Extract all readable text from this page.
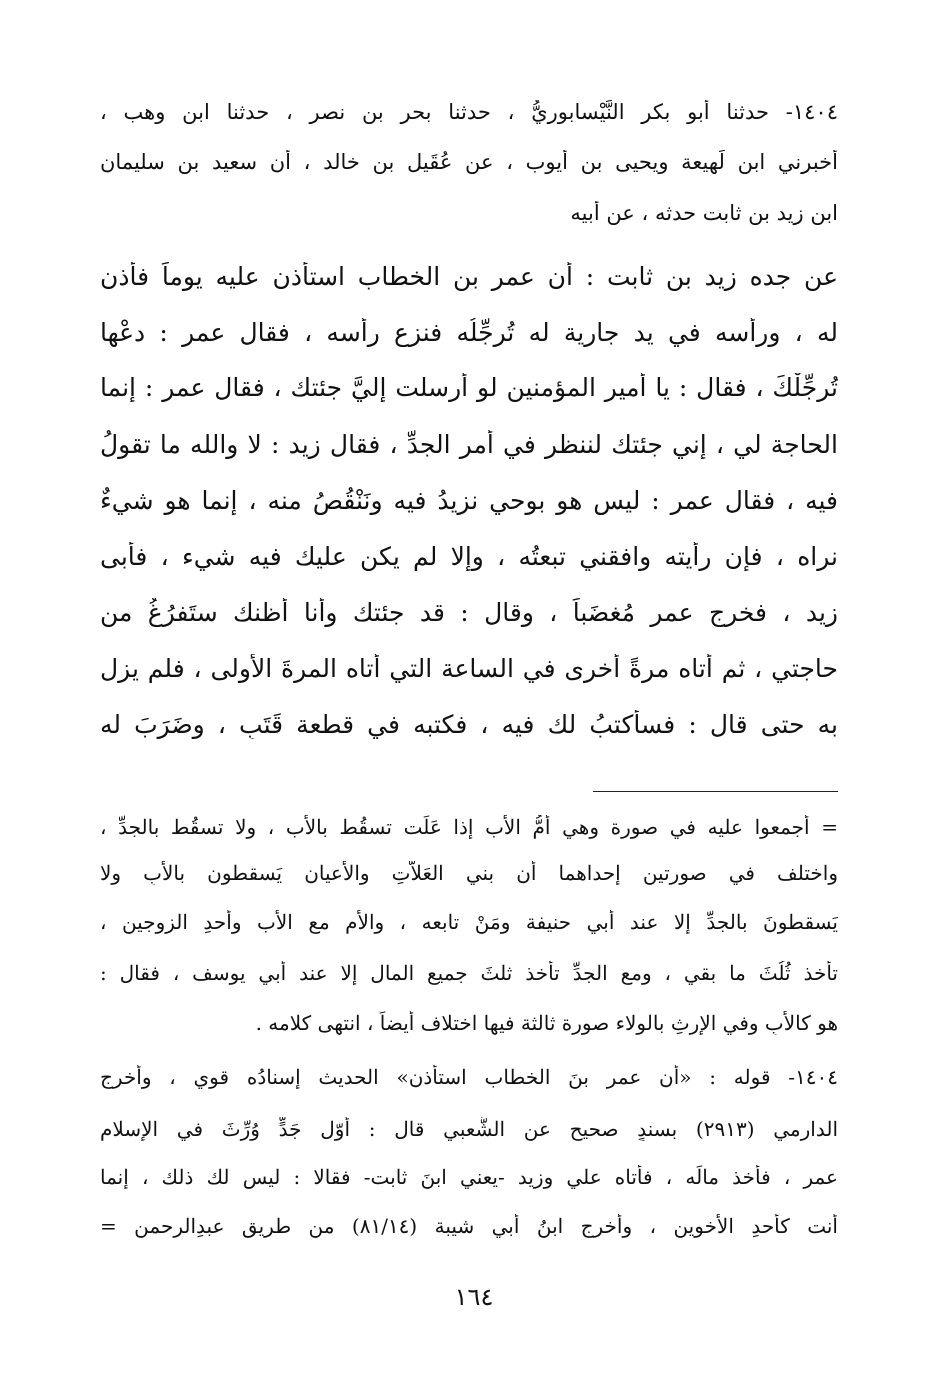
١٤٠٤- حدثنا أبو بكر النَّيْسابوريُّ ، حدثنا بحر بن نصر ، حدثنا ابن وهب ،
أخبرني ابن لَهيعة ويحيى بن أيوب ، عن عُقَيل بن خالد ، أن سعيد بن سليمان
ابن زيد بن ثابت حدثه ، عن أبيه
عن جده زيد بن ثابت : أن عمر بن الخطاب استأذن عليه يوماً فأذن
له ، ورأسه في يد جارية له تُرجِّلُه فنزع رأسه ، فقال عمر : دعْها
تُرجِّلْكَ ، فقال : يا أمير المؤمنين لو أرسلت إليَّ جئتك ، فقال عمر : إنما
الحاجة لي ، إني جئتك لننظر في أمر الجدِّ ، فقال زيد : لا والله ما تقولُ
فيه ، فقال عمر : ليس هو بوحي نزيدُ فيه ونَنْقُصُ منه ، إنما هو شيءٌ
نراه ، فإن رأيته وافقني تبعتُه ، وإلا لم يكن عليك فيه شيء ، فأبى
زيد ، فخرج عمر مُغضَباً ، وقال : قد جئتك وأنا أظنك ستَفرُغُ من
حاجتي ، ثم أتاه مرةً أُخرى في الساعة التي أتاه المرةَ الأولى ، فلم يزل
به حتى قال : فسأكتبُ لك فيه ، فكتبه في قطعة قَتَبٍ ، وضَرَبَ له
= أجمعوا عليه في صورة وهي أمُّ الأب إذا عَلَت تسقُط بالأب ، ولا تسقُط بالجدِّ ،
واختلف في صورتين إحداهما أن بني العَلاَّتِ والأعيانِ يَسقطون بالأبِ ولا
يَسقطونَ بالجدِّ إلا عند أبي حنيفة ومَنْ تابعه ، والأم مع الأب وأحدِ الزوجين ،
تأخذ ثُلُثَ ما بقي ، ومع الجدِّ تأخذ ثلثَ جميع المال إلا عند أبي يوسف ، فقال :
هو كالأبِ وفي الإرثِ بالولاء صورة ثالثة فيها اختلاف أيضاً ، انتهى كلامه .
١٤٠٤- قوله : «أن عمر بنَ الخطاب استأذن» الحديث إسنادُه قوي ، وأخرج
الدارمي (٢٩١٣) بسندٍ صحيح عن الشَّعبي قال : أوّل جَدٍّ وُرِّثَ في الإسلام
عمر ، فأخذ مالَه ، فأتاه علي وزيد -يعني ابنَ ثابت- فقالا : ليس لك ذلك ، إنما
أنت كأحدِ الأخوين ، وأخرج ابنُ أبي شيبة (٨١/١٤) من طريق عبدِالرحمن =
١٦٤
